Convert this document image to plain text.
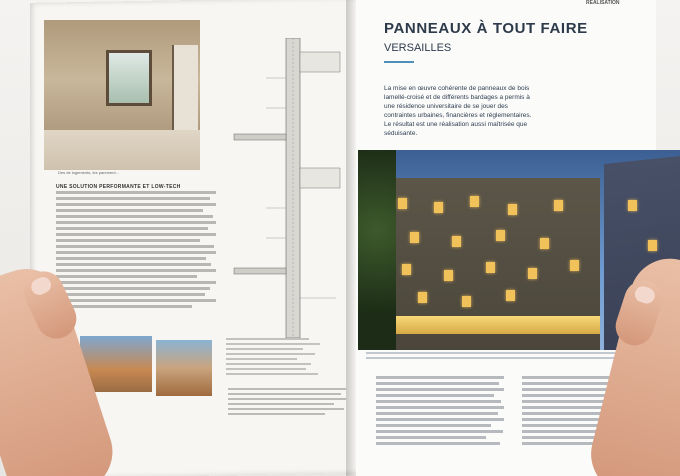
Des de logements, les parement...
UNE SOLUTION PERFORMANTE ET LOW-TECH
RÉALISATION
PANNEAUX À TOUT FAIRE
VERSAILLES
La mise en œuvre cohérente de panneaux de bois lamellé-croisé et de différents bardages a permis à une résidence universitaire de se jouer des contraintes urbaines, financières et réglementaires. Le résultat est une réalisation aussi maîtrisée que séduisante.
